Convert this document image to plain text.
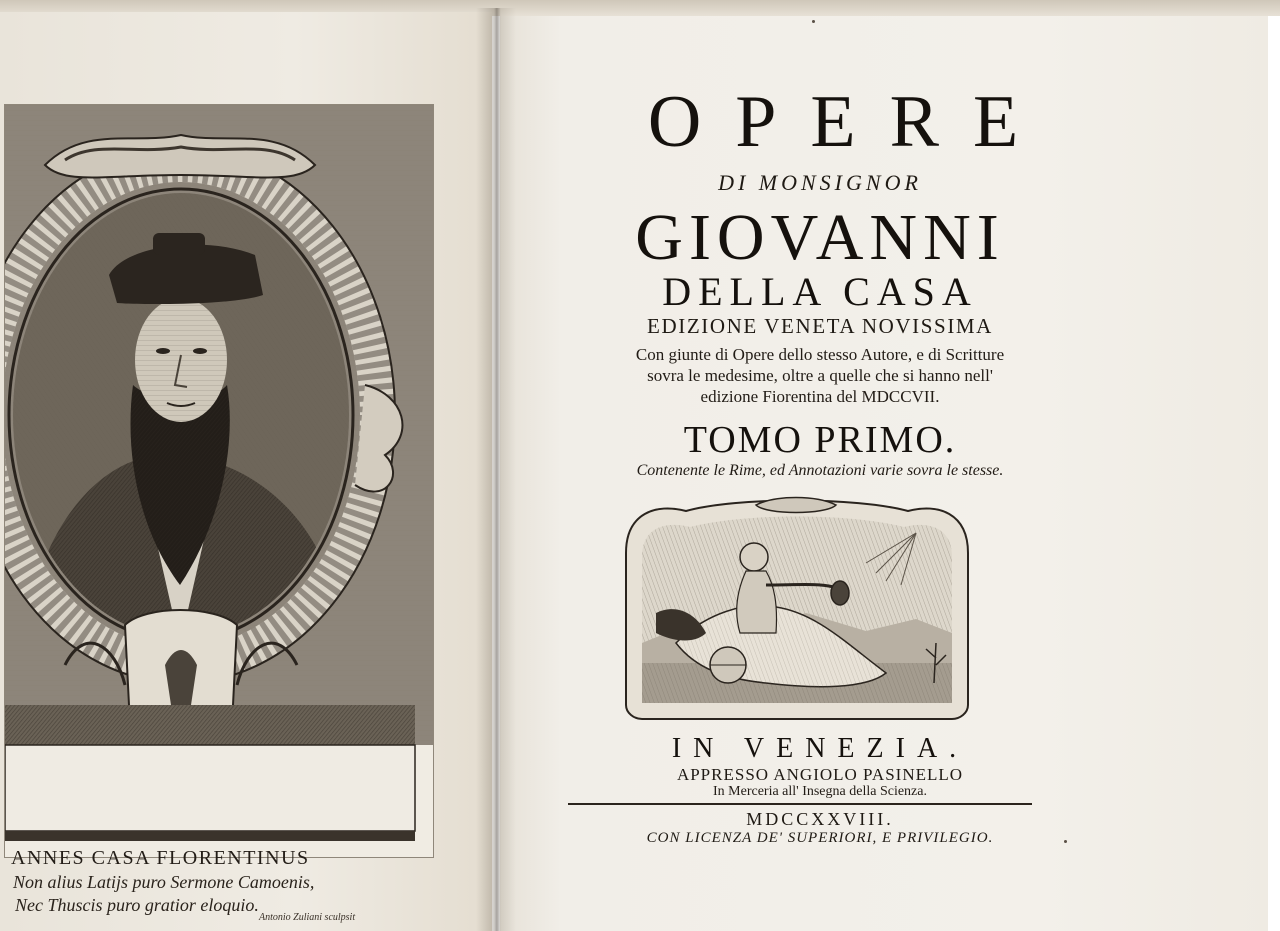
ANNES CASA FLORENTINUS
Non alius Latijs puro Sermone Camoenis,
Nec Thuscis puro gratior eloquio.
Antonio Zuliani sculpsit
OPERE
DI MONSIGNOR
GIOVANNI
DELLA CASA
EDIZIONE VENETA NOVISSIMA
Con giunte di Opere dello stesso Autore, e di Scritture
sovra le medesime, oltre a quelle che si hanno nell'
edizione Fiorentina del MDCCVII.
TOMO PRIMO.
Contenente le Rime, ed Annotazioni varie sovra le stesse.
IN VENEZIA.
APPRESSO ANGIOLO PASINELLO
In Merceria all' Insegna della Scienza.
MDCCXXVIII.
CON LICENZA DE' SUPERIORI, E PRIVILEGIO.
